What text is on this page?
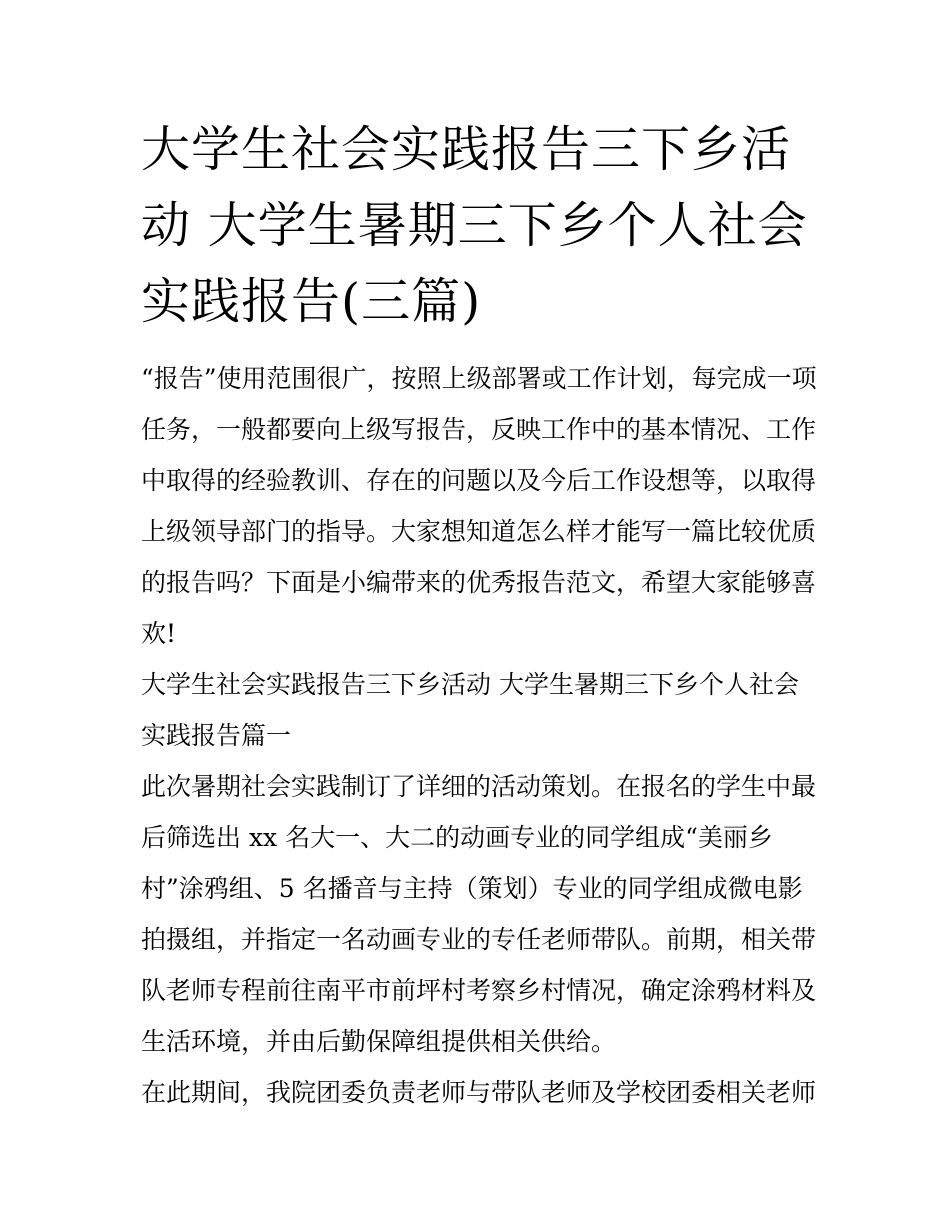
大学生社会实践报告三下乡活
动 大学生暑期三下乡个人社会
实践报告(三篇)
“报告”使用范围很广，按照上级部署或工作计划，每完成一项
任务，一般都要向上级写报告，反映工作中的基本情况、工作
中取得的经验教训、存在的问题以及今后工作设想等，以取得
上级领导部门的指导。大家想知道怎么样才能写一篇比较优质
的报告吗？下面是小编带来的优秀报告范文，希望大家能够喜
欢!
大学生社会实践报告三下乡活动 大学生暑期三下乡个人社会
实践报告篇一
此次暑期社会实践制订了详细的活动策划。在报名的学生中最
后筛选出 xx 名大一、大二的动画专业的同学组成“美丽乡
村”涂鸦组、5 名播音与主持（策划）专业的同学组成微电影
拍摄组，并指定一名动画专业的专任老师带队。前期，相关带
队老师专程前往南平市前坪村考察乡村情况，确定涂鸦材料及
生活环境，并由后勤保障组提供相关供给。
在此期间，我院团委负责老师与带队老师及学校团委相关老师
